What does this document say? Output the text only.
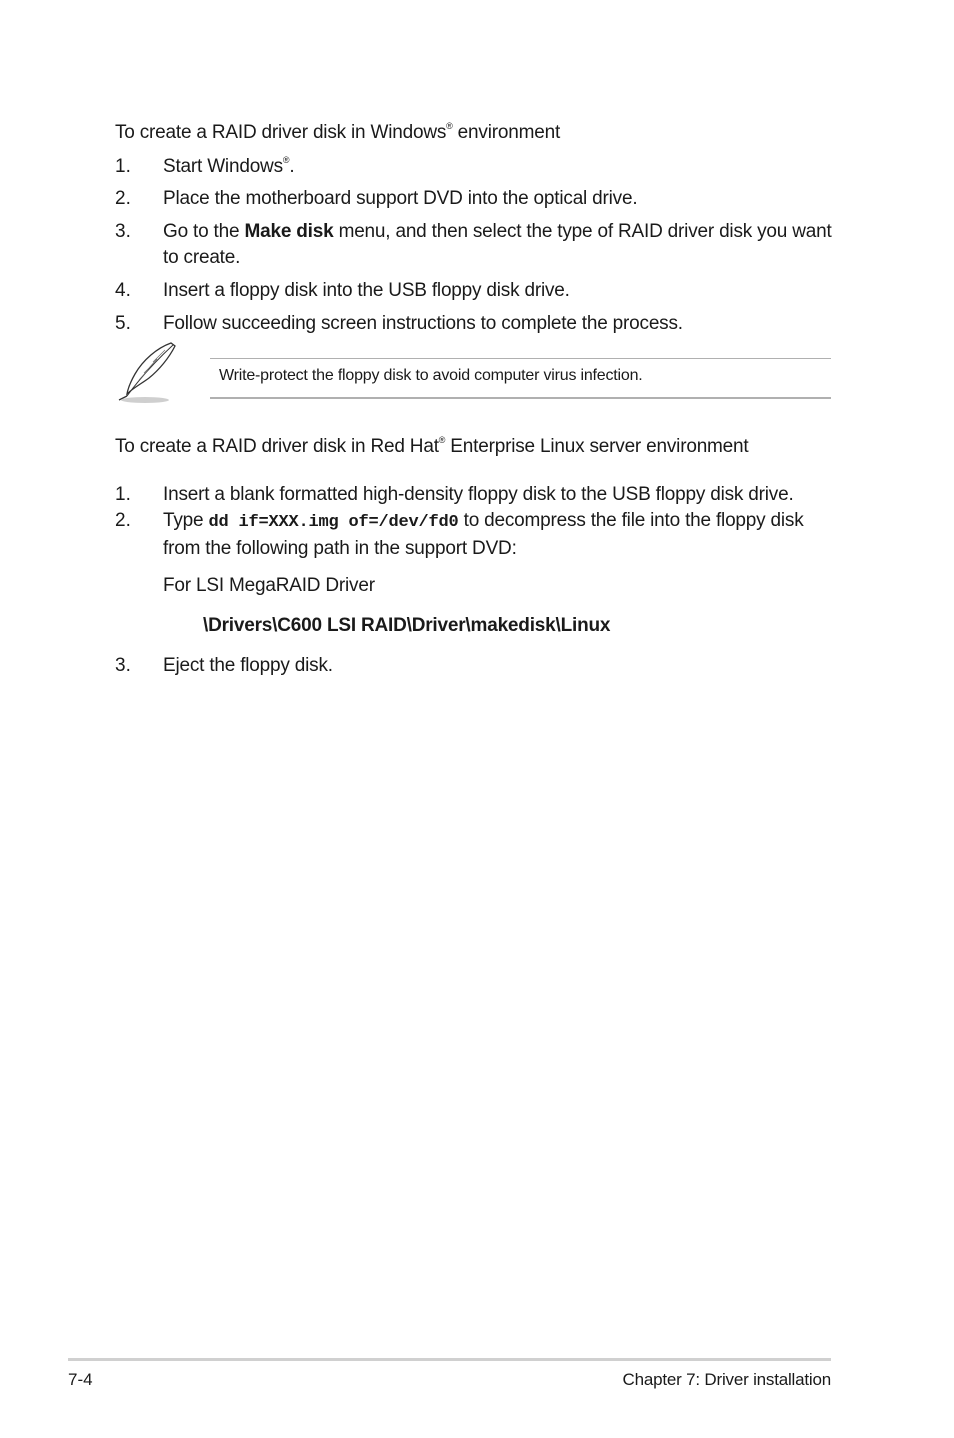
To create a RAID driver disk in Windows® environment
1. Start Windows®.
2. Place the motherboard support DVD into the optical drive.
3. Go to the Make disk menu, and then select the type of RAID driver disk you want to create.
4. Insert a floppy disk into the USB floppy disk drive.
5. Follow succeeding screen instructions to complete the process.
Write-protect the floppy disk to avoid computer virus infection.
To create a RAID driver disk in Red Hat® Enterprise Linux server environment
1. Insert a blank formatted high-density floppy disk to the USB floppy disk drive.
2. Type dd if=XXX.img of=/dev/fd0 to decompress the file into the floppy disk from the following path in the support DVD:
For LSI MegaRAID Driver
\Drivers\C600 LSI RAID\Driver\makedisk\Linux
3. Eject the floppy disk.
7-4	Chapter 7: Driver installation
